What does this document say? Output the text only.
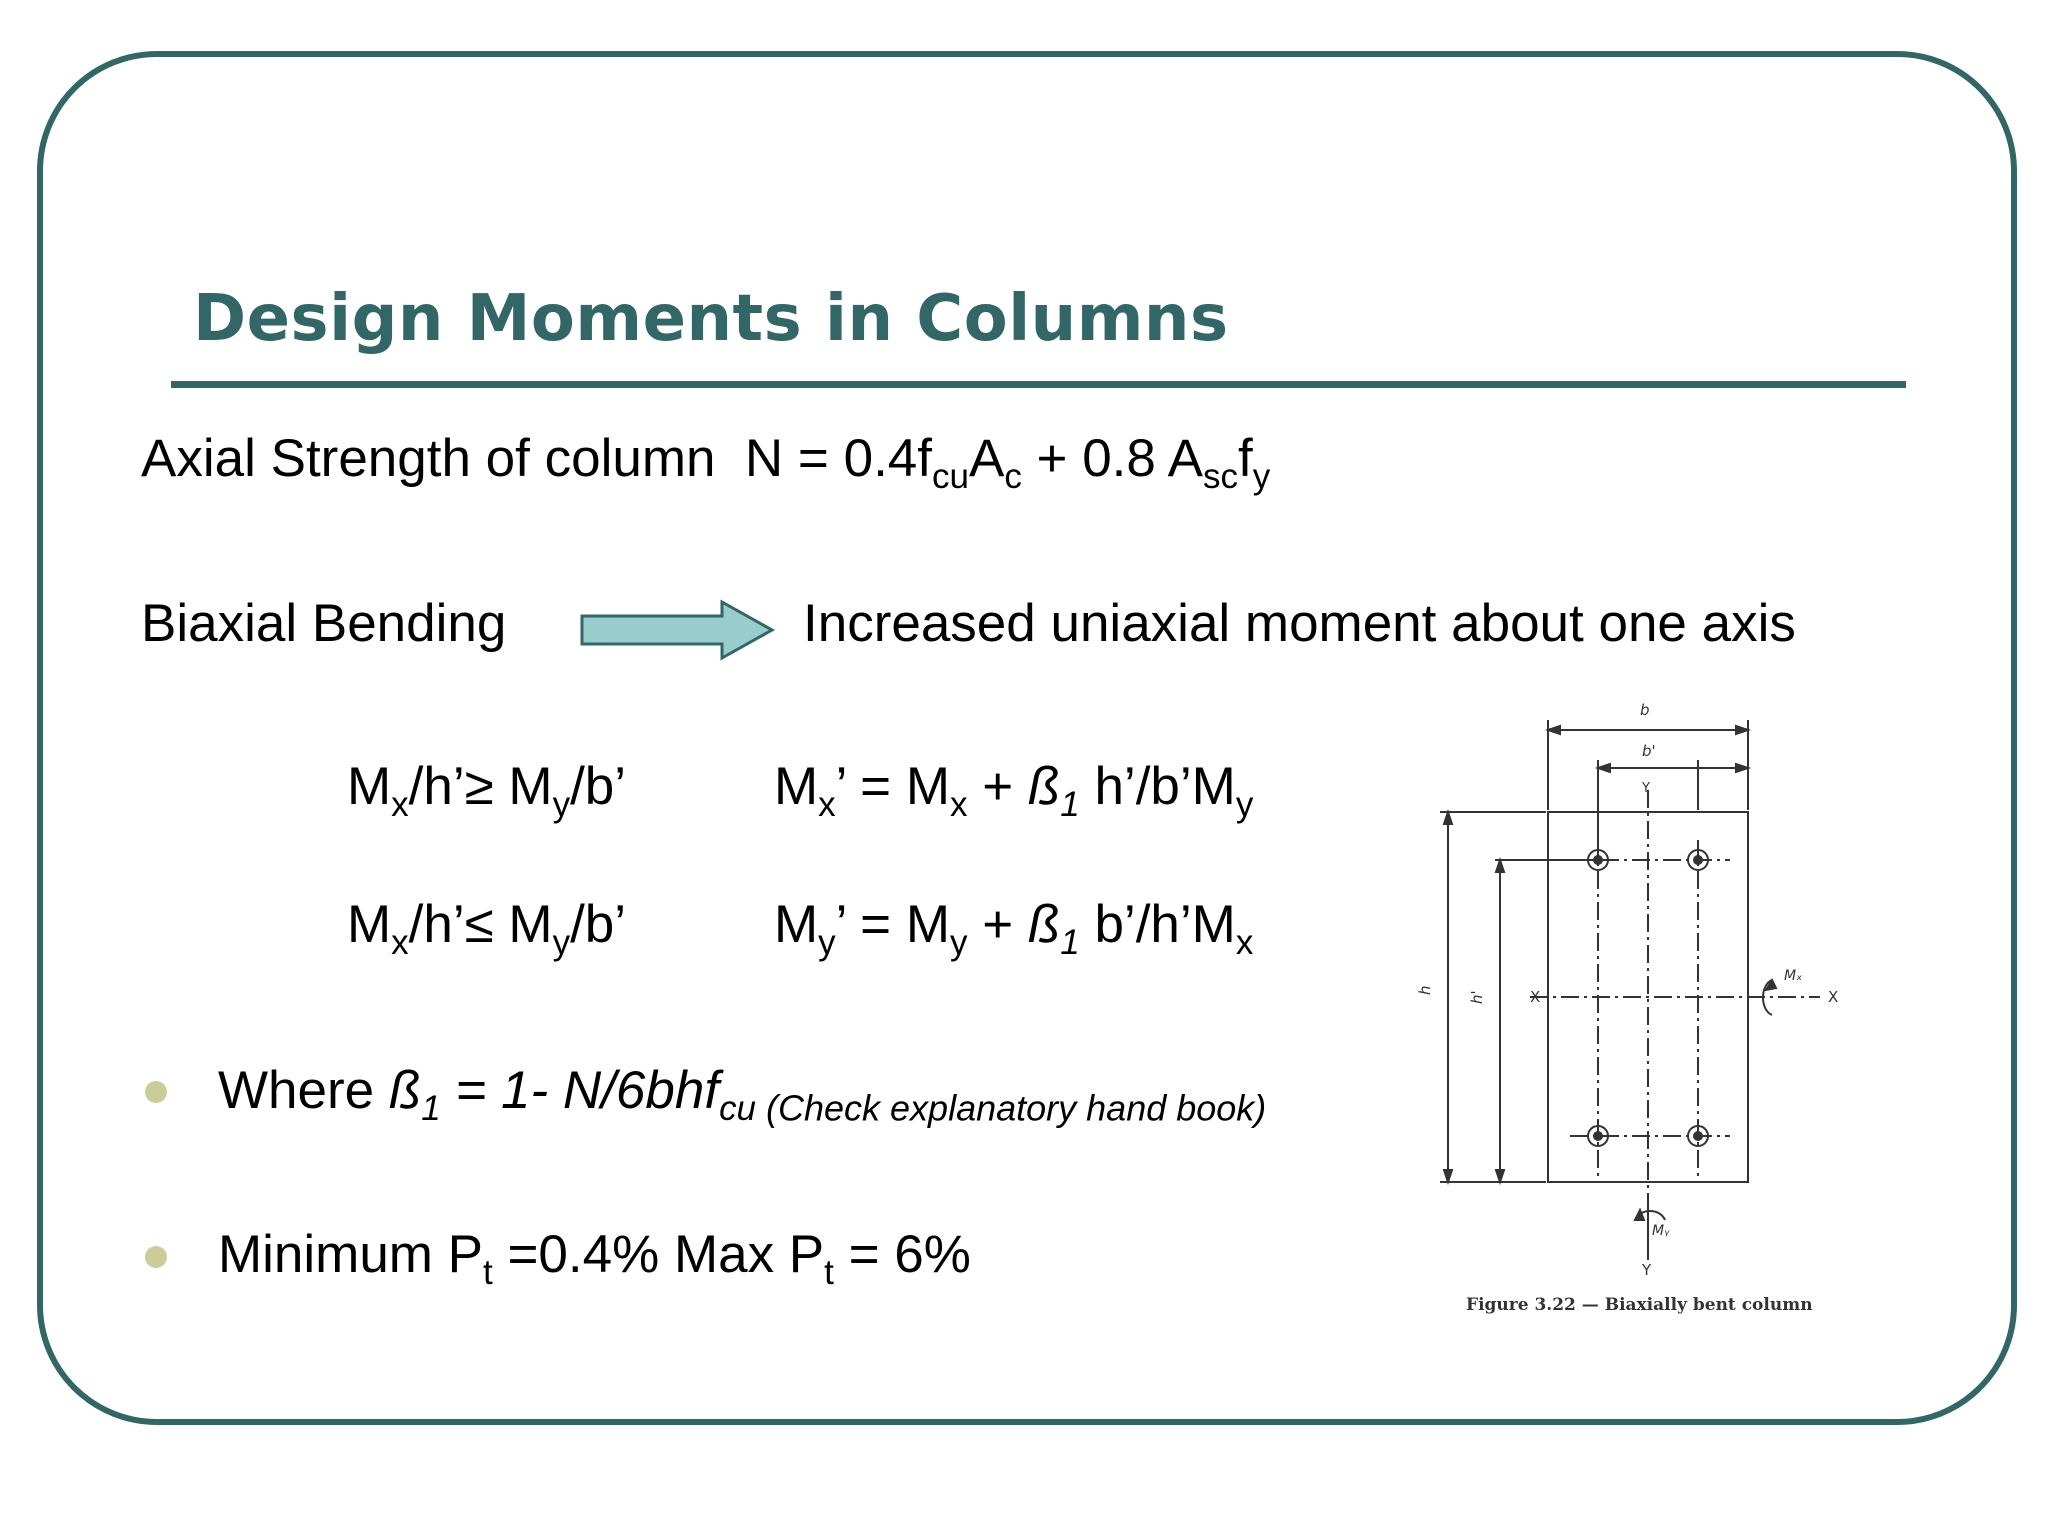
Design Moments in Columns
Axial Strength of column $N = 0.4f_{cu}A_c + 0.8$ $A_{sc}f_y$
Biaxial Bending	Increased uniaxial moment about one axis
$M_x/h’\ge M_y/b$’	$M_x$’ = $M_x$ + $ß_1$ $h’/b’M_y$
$M_x/h’\le M_y/b$’	$M_y$’ = $M_y$ + $ß_1$ $b’/h’M_x$
Where $ß_1 = 1-$ N/6bhf$_{cu}$ $_{(Check explanatory hand book)}$
Minimum $P_t =0.4\%$ Max $P_t = 6\%$
b
b'
h
h'	X	X
Y
Y
Mₓ
Mᵧ
Figure 3.22 — Biaxially bent column
